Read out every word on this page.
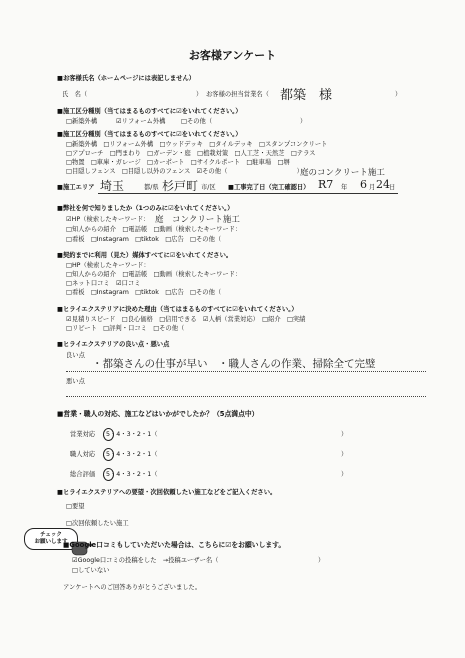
お客様アンケート
■お客様氏名（ホームページには表記しません）
氏　名（	） お客様の担当営業名（ 都築　様	）
■施工区分種別（当てはまるものすべてに☑をいれてください。）
□新築外構	☑リフォーム外構 □その他（	）
■施工区分種別（当てはまるものすべてに☑をいれてください。）
□新築外構　□リフォーム外構　□ウッドデッキ　□タイルデッキ　□スタンプコンクリート
□アプローチ　□門まわり　□ガーデン・庭　□植栽対策　□人工芝・天然芝　□テラス
□物置　□車庫・ガレージ　□カーポート　□サイクルポート　□駐車場　□塀
□目隠しフェンス　□目隠し以外のフェンス　☑その他（　　　　　　　　　　　）
庭のコンクリート施工
■施工エリア 埼玉	都/県 杉戸町 市/区 ■工事完了日（完工確認日） R7 年 6 月 24 日
■弊社を何で知りましたか（1つのみに☑をいれてください。）
☑HP（検索したキーワード： 庭　コンクリート施工
□知人からの紹介　□電話帳　□動画（検索したキーワード：
□看板　□Instagram　□tiktok　□広告　□その他（
■契約までに利用（見た）媒体すべてに☑をいれてください。
□HP（検索したキーワード：
□知人からの紹介　□電話帳　□動画（検索したキーワード：
□ネット口コミ　☑口コミ
□看板　□Instagram　□tiktok　□広告　□その他（
■ヒライエクステリアに決めた理由（当てはまるものすべてに☑をいれてください。）
☑見積りスピード　□良心価格　□信用できる　☑人柄（営業対応）　□紹介　□実績
□リピート　□評判・口コミ　□その他（
■ヒライエクステリアの良い点・悪い点
良い点
・都築さんの仕事が早い　・職人さんの作業、掃除全て完璧
悪い点
■営業・職人の対応、施工などはいかがでしたか？（5点満点中）
営業対応 5・4・3・2・1（	）
職人対応 5・4・3・2・1（	）
総合評価 5・4・3・2・1（	）
■ヒライエクステリアへの要望・次回依頼したい施工などをご記入ください。
□要望
□次回依頼したい施工
チェック
お願いします
■Google口コミもしていただいた場合は、こちらに☑をお願いします。
☑Google口コミの投稿をした　→投稿ユーザー名（	）
□していない
アンケートへのご回答ありがとうございました。
